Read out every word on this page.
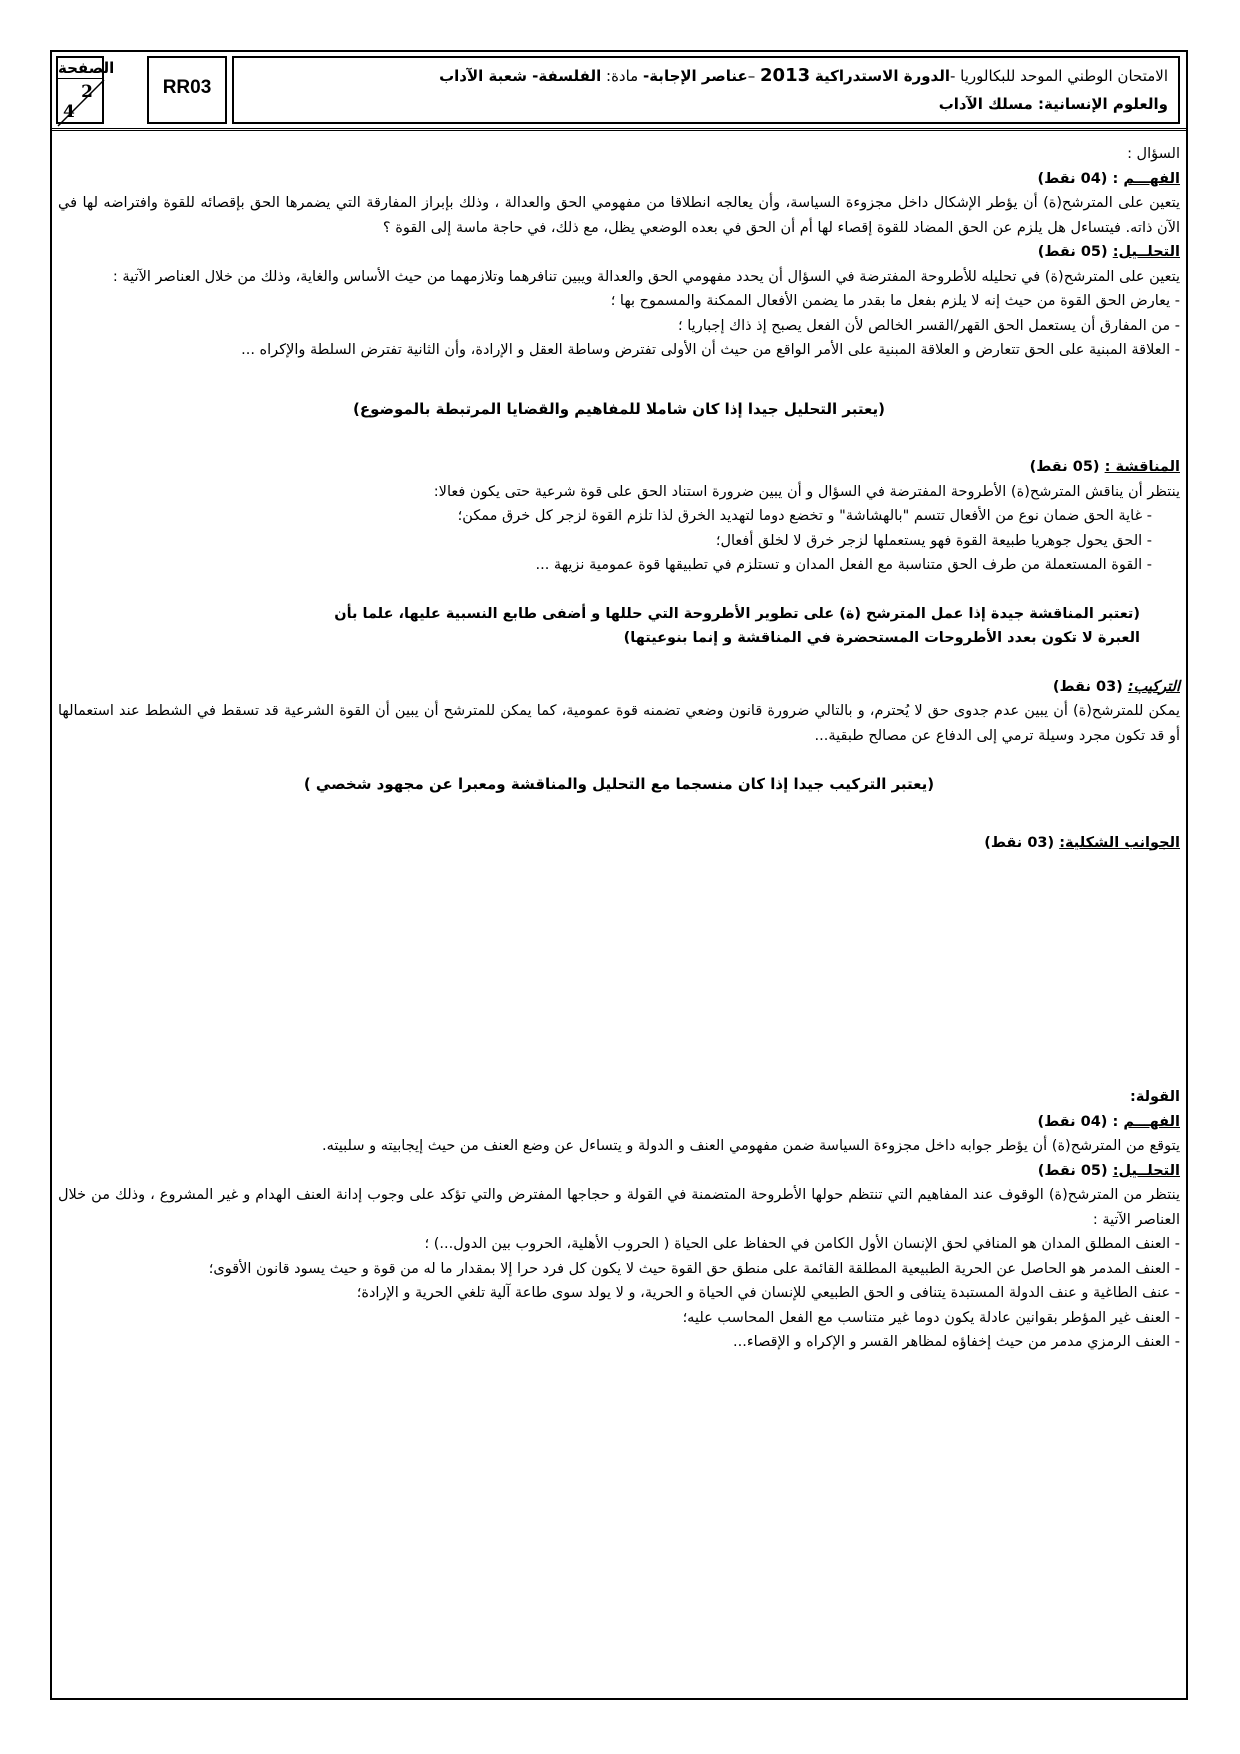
الصفحة
2
4
RR03
الامتحان الوطني الموحد للبكالوريا -الدورة الاستدراكية 2013 –عناصر الإجابة- مادة: الفلسفة- شعبة الآداب
والعلوم الإنسانية: مسلك الآداب

السؤال :

الفهـــم : (04 نقط)

يتعين على المترشح(ة) أن يؤطر الإشكال داخل مجزوءة السياسة، وأن يعالجه انطلاقا من مفهومي الحق والعدالة ، وذلك بإبراز المفارقة التي يضمرها الحق بإقصائه للقوة وافتراضه لها في الآن ذاته. فيتساءل هل يلزم عن الحق المضاد للقوة إقصاء لها أم أن الحق في بعده الوضعي يظل، مع ذلك، في حاجة ماسة إلى القوة ؟

التحلــيل: (05 نقط)

يتعين على المترشح(ة) في تحليله للأطروحة المفترضة في السؤال أن يحدد مفهومي الحق والعدالة ويبين تنافرهما وتلازمهما من حيث الأساس والغاية، وذلك من خلال العناصر الآتية :

- يعارض الحق القوة من حيث إنه لا يلزم بفعل ما بقدر ما يضمن الأفعال الممكنة والمسموح بها ؛

- من المفارق أن يستعمل الحق القهر/القسر الخالص لأن الفعل يصبح إذ ذاك إجباريا ؛

- العلاقة المبنية على الحق تتعارض و العلاقة المبنية على الأمر الواقع من حيث أن الأولى تفترض وساطة العقل و الإرادة، وأن الثانية تفترض السلطة والإكراه ...

(يعتبر التحليل جيدا إذا كان شاملا للمفاهيم والقضايا المرتبطة بالموضوع)

المناقشة : (05 نقط)

ينتظر أن يناقش المترشح(ة) الأطروحة المفترضة في السؤال و أن يبين ضرورة استناد الحق على قوة شرعية حتى يكون فعالا:

- غاية الحق ضمان نوع من الأفعال تتسم "بالهشاشة" و تخضع دوما لتهديد الخرق لذا تلزم القوة لزجر كل خرق ممكن؛

- الحق يحول جوهريا طبيعة القوة فهو يستعملها لزجر خرق لا لخلق أفعال؛

- القوة المستعملة من طرف الحق متناسبة مع الفعل المدان و تستلزم في تطبيقها قوة عمومية نزيهة ...

(تعتبر المناقشة جيدة إذا عمل المترشح (ة) على تطوير الأطروحة التي حللها و أضفى طابع النسبية عليها، علما بأن

العبرة لا تكون بعدد الأطروحات المستحضرة في المناقشة و إنما بنوعيتها)

التركيب: (03 نقط)

يمكن للمترشح(ة) أن يبين عدم جدوى حق لا يُحترم، و بالتالي ضرورة قانون وضعي تضمنه قوة عمومية، كما يمكن للمترشح أن يبين أن القوة الشرعية قد تسقط في الشطط عند استعمالها أو قد تكون مجرد وسيلة ترمي إلى الدفاع عن مصالح طبقية...

(يعتبر التركيب جيدا إذا كان منسجما مع التحليل والمناقشة ومعبرا عن مجهود شخصي )

الجوانب الشكلية: (03 نقط)

القولة:

الفهـــم : (04 نقط)

يتوقع من المترشح(ة) أن يؤطر جوابه داخل مجزوءة السياسة ضمن مفهومي العنف و الدولة و يتساءل عن وضع العنف من حيث إيجابيته و سلبيته.

التحلــيل: (05 نقط)

ينتظر من المترشح(ة) الوقوف عند المفاهيم التي تنتظم حولها الأطروحة المتضمنة في القولة و حجاجها المفترض والتي تؤكد على وجوب إدانة العنف الهدام و غير المشروع ، وذلك من خلال العناصر الآتية :

- العنف المطلق المدان هو المنافي لحق الإنسان الأول الكامن في الحفاظ على الحياة ( الحروب الأهلية، الحروب بين الدول...) ؛

- العنف المدمر هو الحاصل عن الحرية الطبيعية المطلقة القائمة على منطق حق القوة حيث لا يكون كل فرد حرا إلا بمقدار ما له من قوة و حيث يسود قانون الأقوى؛

- عنف الطاغية و عنف الدولة المستبدة يتنافى و الحق الطبيعي للإنسان في الحياة و الحرية، و لا يولد سوى طاعة آلية تلغي الحرية و الإرادة؛

- العنف غير المؤطر بقوانين عادلة يكون دوما غير متناسب مع الفعل المحاسب عليه؛

- العنف الرمزي مدمر من حيث إخفاؤه لمظاهر القسر و الإكراه و الإقصاء...
